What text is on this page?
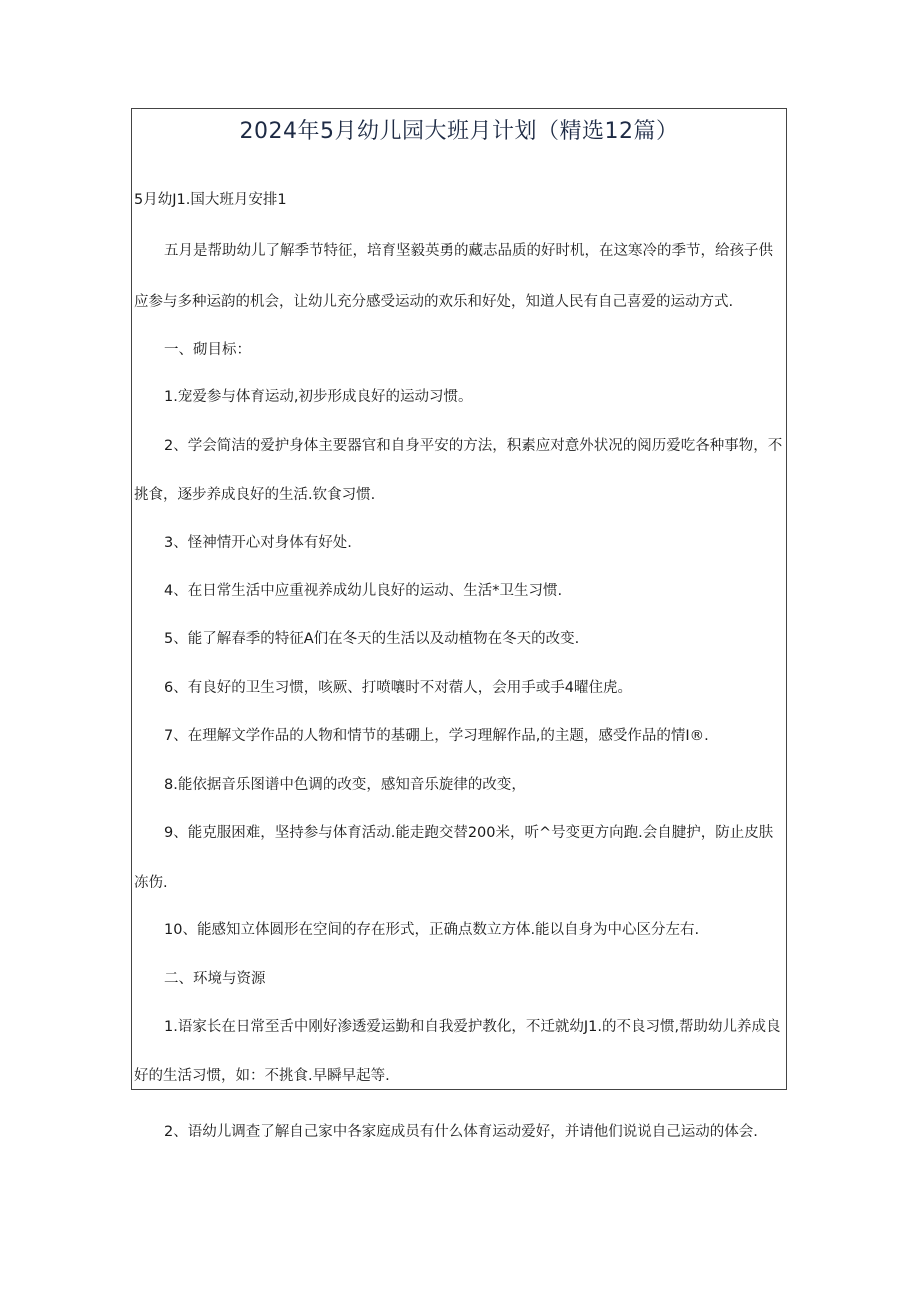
2024年5月幼儿园大班月计划（精选12篇）

5月幼J1.国大班月安排1

五月是帮助幼儿了解季节特征，培育坚毅英勇的藏志品质的好时机，在这寒冷的季节，给孩子供

应参与多种运韵的机会，让幼儿充分感受运动的欢乐和好处，知道人民有自己喜爱的运动方式.

一、砌目标：

1.宠爱参与体育运动,初步形成良好的运动习惯。

2、学会简洁的爱护身体主要器官和自身平安的方法，积素应对意外状况的阅历爱吃各种事物，不

挑食，逐步养成良好的生活.钦食习惯.

3、怪神情开心对身体有好处.

4、在日常生活中应重视养成幼儿良好的运动、生活*卫生习惯.

5、能了解春季的特征A们在冬天的生活以及动植物在冬天的改变.

6、有良好的卫生习惯，咳厥、打喷嚷时不对蓿人，会用手或手4曜住虎。

7、在理解文学作品的人物和情节的基硼上，学习理解作品,的主题，感受作品的情I®.

8.能依据音乐图谱中色调的改变，感知音乐旋律的改变，

9、能克服困难，坚持参与体育活动.能走跑交替200米，听^号变更方向跑.会自腱护，防止皮肤

冻伤.

10、能感知立体圆形在空间的存在形式，正确点数立方体.能以自身为中心区分左右.

二、环境与资源

1.语家长在日常至舌中刚好渗透爱运勤和自我爱护教化，不迁就幼J1.的不良习惯,帮助幼儿养成良

好的生活习惯，如：不挑食.早瞬早起等.

2、语幼儿调查了解自己家中各家庭成员有什么体育运动爱好，并请他们说说自己运动的体会.
